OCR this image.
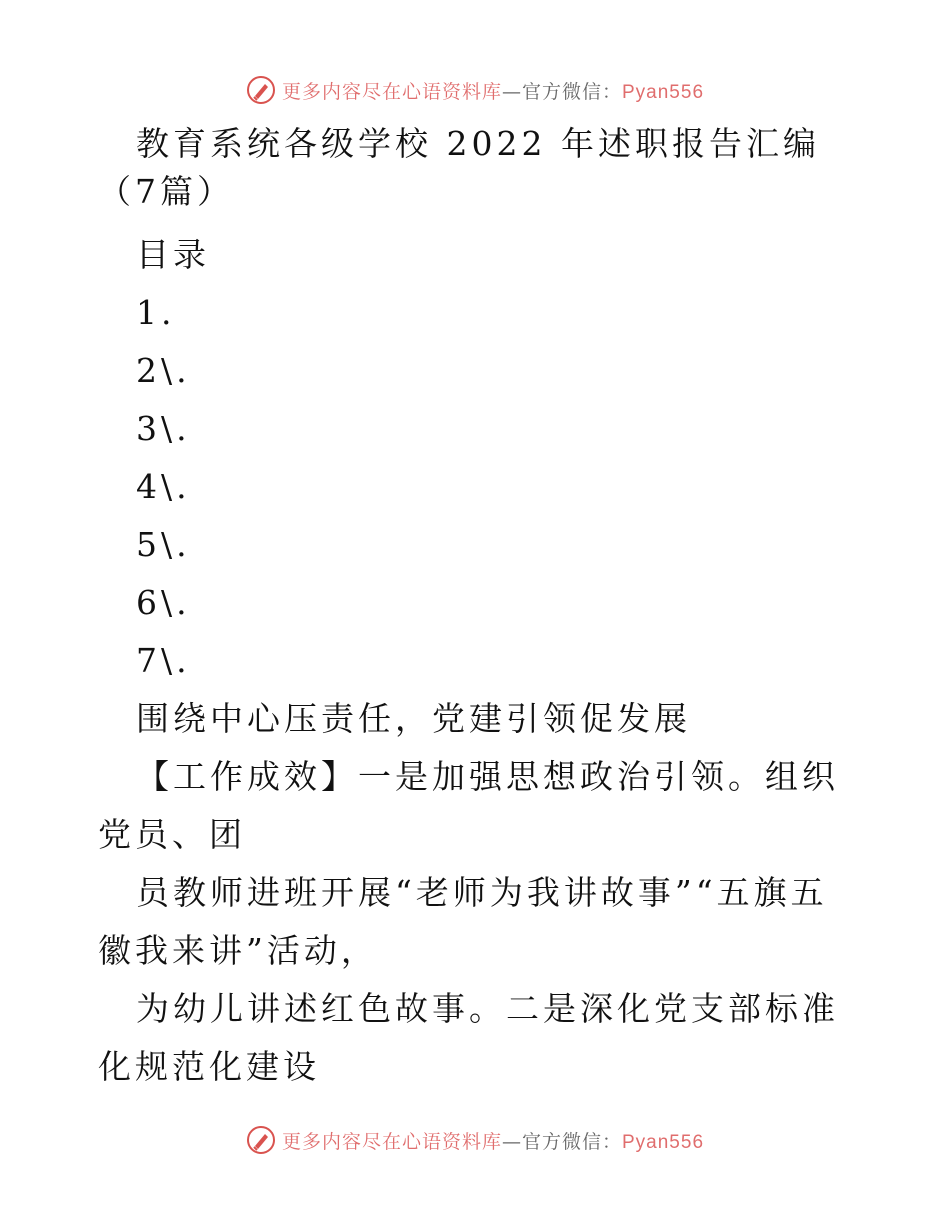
更多内容尽在心语资料库—官方微信：Pyan556
教育系统各级学校 2022 年述职报告汇编（7篇）
目录
1.
2\.
3\.
4\.
5\.
6\.
7\.
围绕中心压责任，党建引领促发展
【工作成效】一是加强思想政治引领。组织党员、团
员教师进班开展“老师为我讲故事”“五旗五徽我来讲”活动，
为幼儿讲述红色故事。二是深化党支部标准化规范化建设
更多内容尽在心语资料库—官方微信：Pyan556
